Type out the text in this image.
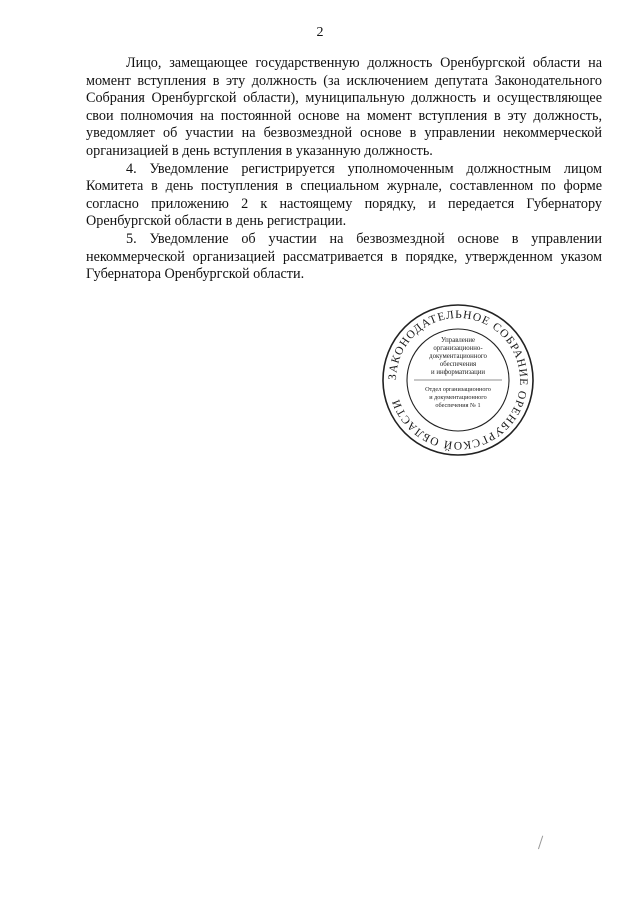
2

Лицо, замещающее государственную должность Оренбургской области на момент вступления в эту должность (за исключением депутата Законодательного Собрания Оренбургской области), муниципальную должность и осуществляющее свои полномочия на постоянной основе на момент вступления в эту должность, уведомляет об участии на безвозмездной основе в управлении некоммерческой организацией в день вступления в указанную должность.

4. Уведомление регистрируется уполномоченным должностным лицом Комитета в день поступления в специальном журнале, составленном по форме согласно приложению 2 к настоящему порядку, и передается Губернатору Оренбургской области в день регистрации.

5. Уведомление об участии на безвозмездной основе в управлении некоммерческой организацией рассматривается в порядке, утвержденном указом Губернатора Оренбургской области.

ЗАКОНОДАТЕЛЬНОЕ СОБРАНИЕ ОРЕНБУРГСКОЙ ОБЛАСТИ
Управление
организационно-
документационного
обеспечения
и информатизации
Отдел организационного
и документационного
обеспечения № 1
